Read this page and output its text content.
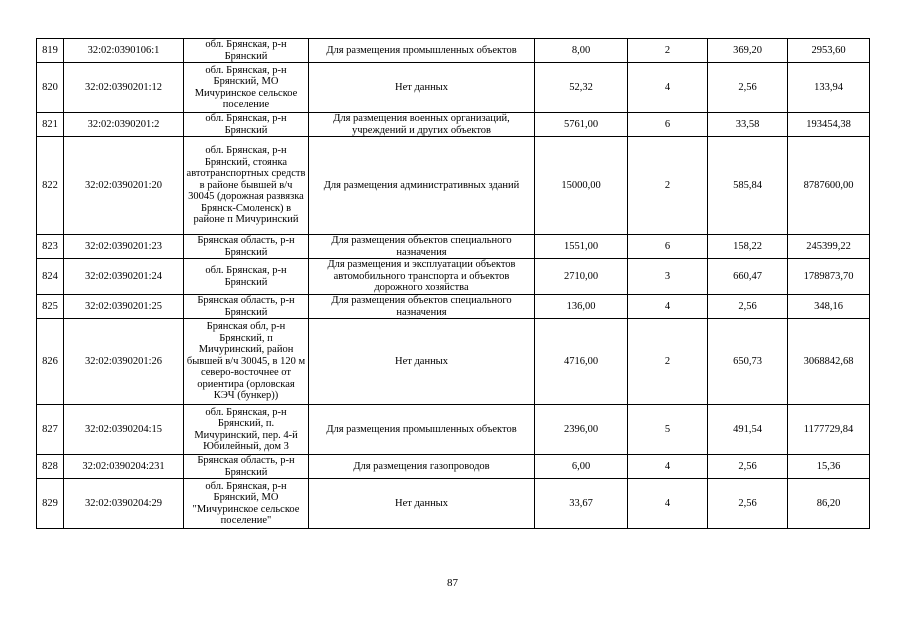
819	32:02:0390106:1	обл. Брянская, р-н Брянский	Для размещения промышленных объектов	8,00	2	369,20	2953,60
820	32:02:0390201:12	обл. Брянская, р-н Брянский, МО Мичуринское сельское поселение	Нет данных	52,32	4	2,56	133,94
821	32:02:0390201:2	обл. Брянская, р-н Брянский	Для размещения военных организаций, учреждений и других объектов	5761,00	6	33,58	193454,38
822	32:02:0390201:20	обл. Брянская, р-н Брянский, стоянка автотранспортных средств в районе бывшей в/ч 30045 (дорожная развязка Брянск-Смоленск) в районе п Мичуринский	Для размещения административных зданий	15000,00	2	585,84	8787600,00
823	32:02:0390201:23	Брянская область, р-н Брянский	Для размещения объектов специального назначения	1551,00	6	158,22	245399,22
824	32:02:0390201:24	обл. Брянская, р-н Брянский	Для размещения и эксплуатации объектов автомобильного транспорта и объектов дорожного хозяйства	2710,00	3	660,47	1789873,70
825	32:02:0390201:25	Брянская область, р-н Брянский	Для размещения объектов специального назначения	136,00	4	2,56	348,16
826	32:02:0390201:26	Брянская обл, р-н Брянский, п Мичуринский, район бывшей в/ч 30045, в 120 м северо-восточнее от ориентира (орловская КЭЧ (бункер))	Нет данных	4716,00	2	650,73	3068842,68
827	32:02:0390204:15	обл. Брянская, р-н Брянский, п. Мичуринский, пер. 4-й Юбилейный, дом 3	Для размещения промышленных объектов	2396,00	5	491,54	1177729,84
828	32:02:0390204:231	Брянская область, р-н Брянский	Для размещения газопроводов	6,00	4	2,56	15,36
829	32:02:0390204:29	обл. Брянская, р-н Брянский, МО "Мичуринское сельское поселение"	Нет данных	33,67	4	2,56	86,20
87
